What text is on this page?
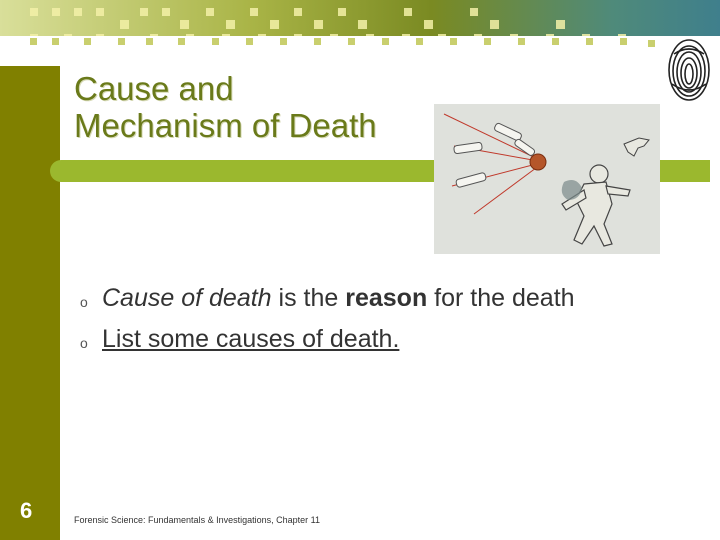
Cause and
Mechanism of Death
o Cause of death is the reason for the death
o List some causes of death.
6	Forensic Science: Fundamentals & Investigations, Chapter 11
